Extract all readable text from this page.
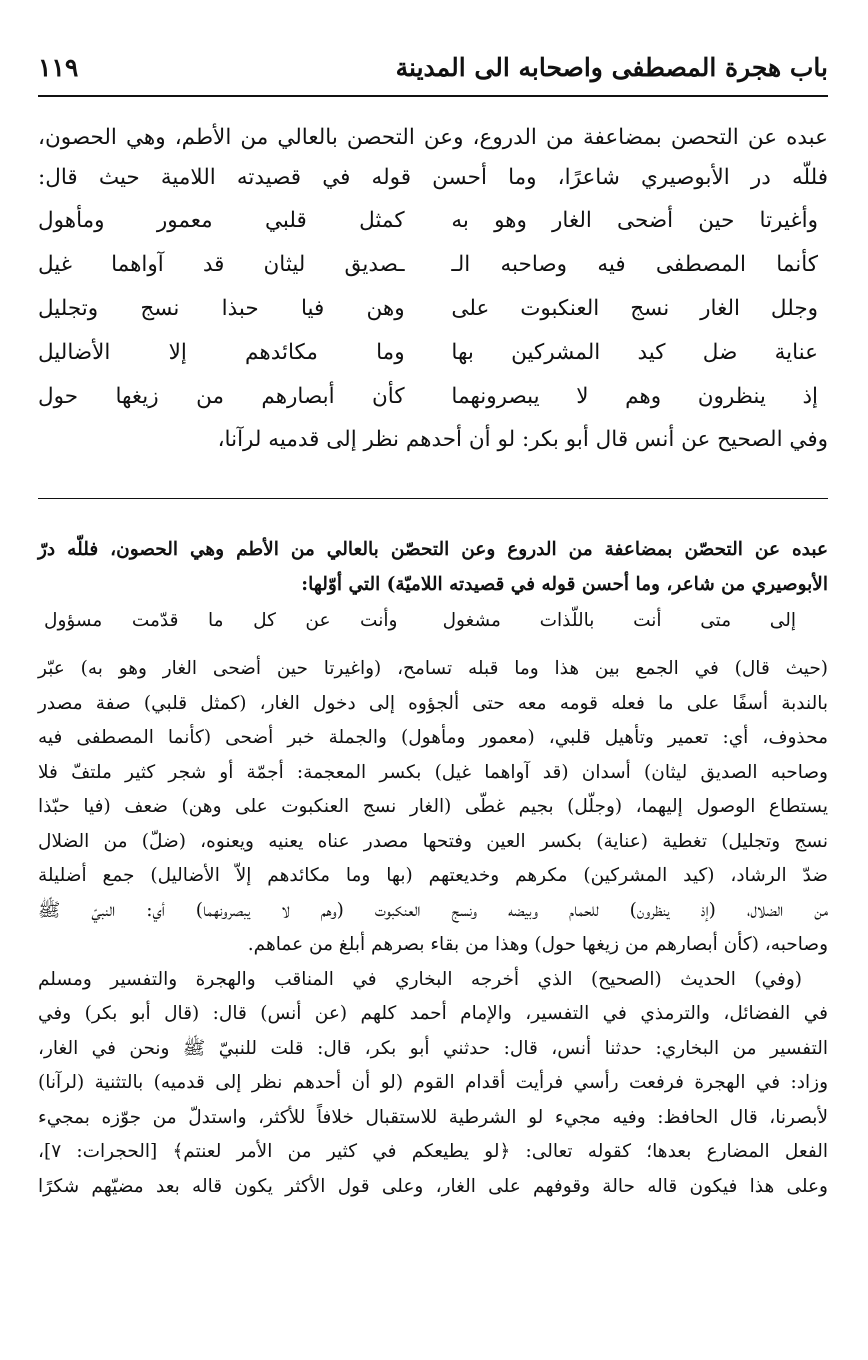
باب هجرة المصطفى واصحابه الى المدينة
١١٩

عبده عن التحصن بمضاعفة من الدروع، وعن التحصن بالعالي من الأطم، وهي الحصون، فللّه در الأبوصيري شاعرًا، وما أحسن قوله في قصيدته اللامية حيث قال:

وأغيرتا حين أضحى الغار وهو به
كمثل قلبي معمور ومأهول
كأنما المصطفى فيه وصاحبه الـ
ـصديق ليثان قد آواهما غيل
وجلل الغار نسج العنكبوت على
وهن فيا حبذا نسج وتجليل
عناية ضل كيد المشركين بها
وما مكائدهم إلا الأضاليل
إذ ينظرون وهم لا يبصرونهما
كأن أبصارهم من زيغها حول

وفي الصحيح عن أنس قال أبو بكر: لو أن أحدهم نظر إلى قدميه لرآنا،

عبده عن التحصّن بمضاعفة من الدروع وعن التحصّن بالعالي من الأطم وهي الحصون، فللّه درّ

الأبوصيري من شاعر، وما أحسن قوله في قصيدته اللاميّة) التي أوّلها:

إلى متى أنت باللّذات مشغول
وأنت عن كل ما قدّمت مسؤول

(حيث قال) في الجمع بين هذا وما قبله تسامح، (واغيرتا حين أضحى الغار وهو به) عبّر

بالندبة أسفًا على ما فعله قومه معه حتى ألجؤوه إلى دخول الغار، (كمثل قلبي) صفة مصدر

محذوف، أي: تعمير وتأهيل قلبي، (معمور ومأهول) والجملة خبر أضحى (كأنما المصطفى فيه

وصاحبه الصديق ليثان) أسدان (قد آواهما غيل) بكسر المعجمة: أجمّة أو شجر كثير ملتفّ فلا

يستطاع الوصول إليهما، (وجلّل) بجيم غطّى (الغار نسج العنكبوت على وهن) ضعف (فيا حبّذا

نسج وتجليل) تغطية (عناية) بكسر العين وفتحها مصدر عناه يعنيه ويعنوه، (ضلّ) من الضلال

ضدّ الرشاد، (كيد المشركين) مكرهم وخديعتهم (بها وما مكائدهم إلاّ الأضاليل) جمع أضليلة

من الضلال، (إذ ينظرون) للحمام وبيضه ونسج العنكبوت (وهم لا يبصرونهما) أي: النبيّ ﷺ

وصاحبه، (كأن أبصارهم من زيغها حول) وهذا من بقاء بصرهم أبلغ من عماهم.

(وفي) الحديث (الصحيح) الذي أخرجه البخاري في المناقب والهجرة والتفسير ومسلم

في الفضائل، والترمذي في التفسير، والإمام أحمد كلهم (عن أنس) قال: (قال أبو بكر) وفي

التفسير من البخاري: حدثنا أنس، قال: حدثني أبو بكر، قال: قلت للنبيّ ﷺ ونحن في الغار،

وزاد: في الهجرة فرفعت رأسي فرأيت أقدام القوم (لو أن أحدهم نظر إلى قدميه) بالتثنية (لرآنا)

لأبصرنا، قال الحافظ: وفيه مجيء لو الشرطية للاستقبال خلافاً للأكثر، واستدلّ من جوّزه بمجيء

الفعل المضارع بعدها؛ كقوله تعالى: ﴿لو يطيعكم في كثير من الأمر لعنتم﴾ [الحجرات: ٧]،

وعلى هذا فيكون قاله حالة وقوفهم على الغار، وعلى قول الأكثر يكون قاله بعد مضيّهم شكرًا
